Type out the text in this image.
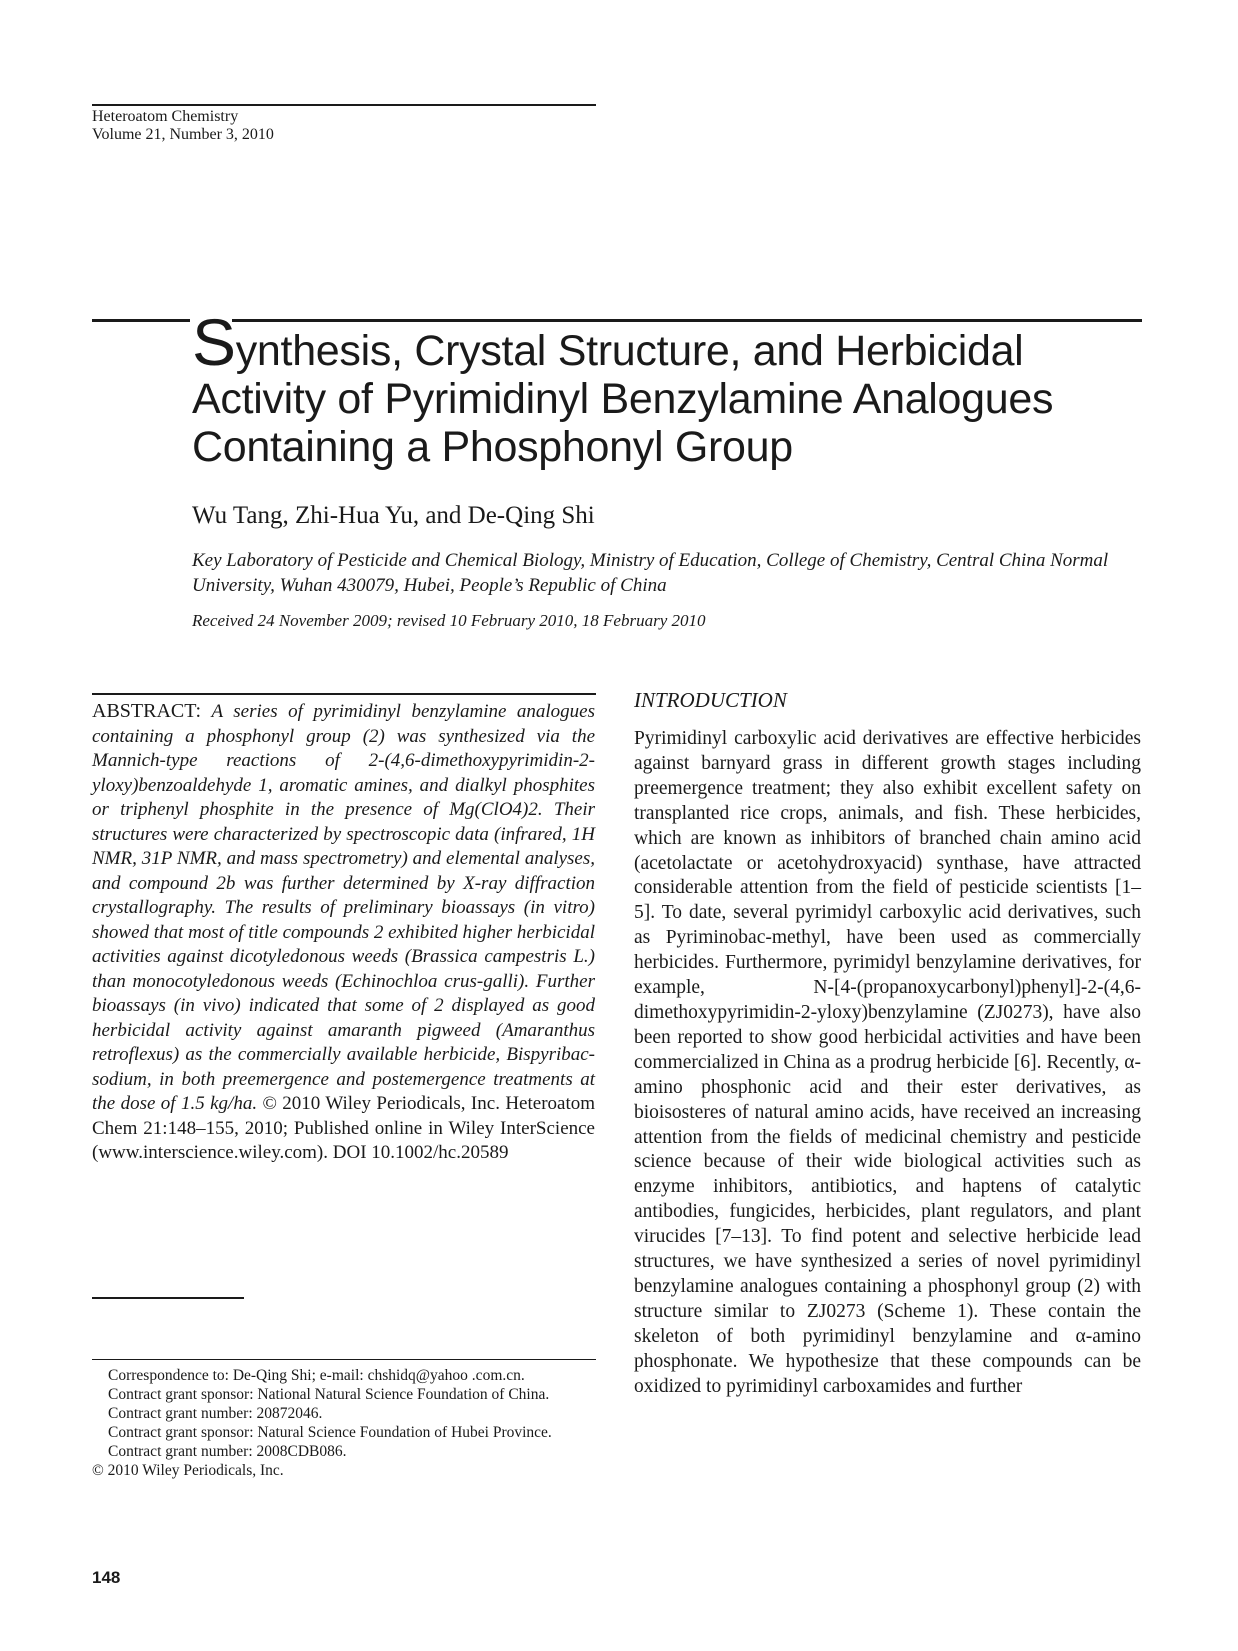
Heteroatom Chemistry
Volume 21, Number 3, 2010
Synthesis, Crystal Structure, and Herbicidal Activity of Pyrimidinyl Benzylamine Analogues Containing a Phosphonyl Group
Wu Tang, Zhi-Hua Yu, and De-Qing Shi
Key Laboratory of Pesticide and Chemical Biology, Ministry of Education, College of Chemistry, Central China Normal University, Wuhan 430079, Hubei, People’s Republic of China
Received 24 November 2009; revised 10 February 2010, 18 February 2010
ABSTRACT: A series of pyrimidinyl benzylamine analogues containing a phosphonyl group (2) was synthesized via the Mannich-type reactions of 2-(4,6-dimethoxypyrimidin-2-yloxy)benzoaldehyde 1, aromatic amines, and dialkyl phosphites or triphenyl phosphite in the presence of Mg(ClO4)2. Their structures were characterized by spectroscopic data (infrared, 1H NMR, 31P NMR, and mass spectrometry) and elemental analyses, and compound 2b was further determined by X-ray diffraction crystallography. The results of preliminary bioassays (in vitro) showed that most of title compounds 2 exhibited higher herbicidal activities against dicotyledonous weeds (Brassica campestris L.) than monocotyledonous weeds (Echinochloa crus-galli). Further bioassays (in vivo) indicated that some of 2 displayed as good herbicidal activity against amaranth pigweed (Amaranthus retroflexus) as the commercially available herbicide, Bispyribac-sodium, in both preemergence and postemergence treatments at the dose of 1.5 kg/ha. © 2010 Wiley Periodicals, Inc. Heteroatom Chem 21:148–155, 2010; Published online in Wiley InterScience (www.interscience.wiley.com). DOI 10.1002/hc.20589

Correspondence to: De-Qing Shi; e-mail: chshidq@yahoo .com.cn.

Contract grant sponsor: National Natural Science Foundation of China.

Contract grant number: 20872046.

Contract grant sponsor: Natural Science Foundation of Hubei Province.

Contract grant number: 2008CDB086.

© 2010 Wiley Periodicals, Inc.

148
INTRODUCTION
Pyrimidinyl carboxylic acid derivatives are effective herbicides against barnyard grass in different growth stages including preemergence treatment; they also exhibit excellent safety on transplanted rice crops, animals, and fish. These herbicides, which are known as inhibitors of branched chain amino acid (acetolactate or acetohydroxyacid) synthase, have attracted considerable attention from the field of pesticide scientists [1–5]. To date, several pyrimidyl carboxylic acid derivatives, such as Pyriminobac-methyl, have been used as commercially herbicides. Furthermore, pyrimidyl benzylamine derivatives, for example, N-[4-(propanoxycarbonyl)phenyl]-2-(4,6-dimethoxypyrimidin-2-yloxy)benzylamine (ZJ0273), have also been reported to show good herbicidal activities and have been commercialized in China as a prodrug herbicide [6]. Recently, α-amino phosphonic acid and their ester derivatives, as bioisosteres of natural amino acids, have received an increasing attention from the fields of medicinal chemistry and pesticide science because of their wide biological activities such as enzyme inhibitors, antibiotics, and haptens of catalytic antibodies, fungicides, herbicides, plant regulators, and plant virucides [7–13]. To find potent and selective herbicide lead structures, we have synthesized a series of novel pyrimidinyl benzylamine analogues containing a phosphonyl group (2) with structure similar to ZJ0273 (Scheme 1). These contain the skeleton of both pyrimidinyl benzylamine and α-amino phosphonate. We hypothesize that these compounds can be oxidized to pyrimidinyl carboxamides and further
